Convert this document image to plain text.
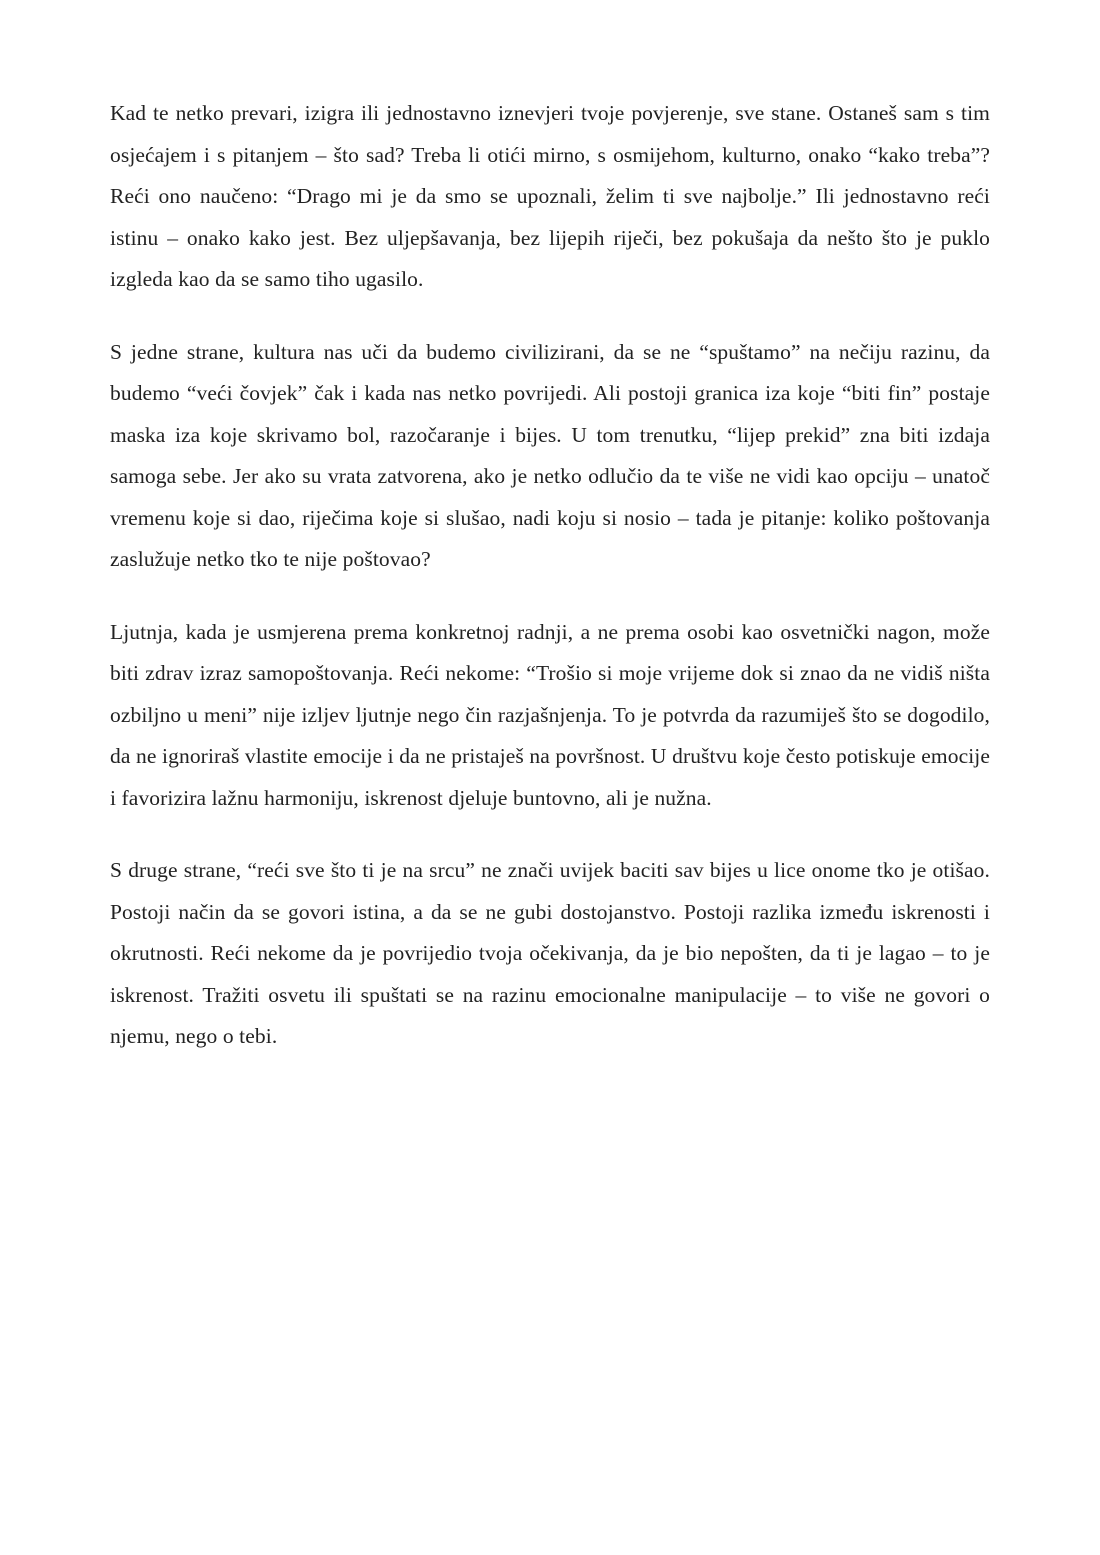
Kad te netko prevari, izigra ili jednostavno iznevjeri tvoje povjerenje, sve stane. Ostaneš sam s tim osjećajem i s pitanjem – što sad? Treba li otići mirno, s osmijehom, kulturno, onako “kako treba”? Reći ono naučeno: “Drago mi je da smo se upoznali, želim ti sve najbolje.” Ili jednostavno reći istinu – onako kako jest. Bez uljepšavanja, bez lijepih riječi, bez pokušaja da nešto što je puklo izgleda kao da se samo tiho ugasilo.

S jedne strane, kultura nas uči da budemo civilizirani, da se ne “spuštamo” na nečiju razinu, da budemo “veći čovjek” čak i kada nas netko povrijedi. Ali postoji granica iza koje “biti fin” postaje maska iza koje skrivamo bol, razočaranje i bijes. U tom trenutku, “lijep prekid” zna biti izdaja samoga sebe. Jer ako su vrata zatvorena, ako je netko odlučio da te više ne vidi kao opciju – unatoč vremenu koje si dao, riječima koje si slušao, nadi koju si nosio – tada je pitanje: koliko poštovanja zaslužuje netko tko te nije poštovao?

Ljutnja, kada je usmjerena prema konkretnoj radnji, a ne prema osobi kao osvetnički nagon, može biti zdrav izraz samopoštovanja. Reći nekome: “Trošio si moje vrijeme dok si znao da ne vidiš ništa ozbiljno u meni” nije izljev ljutnje nego čin razjašnjenja. To je potvrda da razumiješ što se dogodilo, da ne ignoriraš vlastite emocije i da ne pristaješ na površnost. U društvu koje često potiskuje emocije i favorizira lažnu harmoniju, iskrenost djeluje buntovno, ali je nužna.

S druge strane, “reći sve što ti je na srcu” ne znači uvijek baciti sav bijes u lice onome tko je otišao. Postoji način da se govori istina, a da se ne gubi dostojanstvo. Postoji razlika između iskrenosti i okrutnosti. Reći nekome da je povrijedio tvoja očekivanja, da je bio nepošten, da ti je lagao – to je iskrenost. Tražiti osvetu ili spuštati se na razinu emocionalne manipulacije – to više ne govori o njemu, nego o tebi.
